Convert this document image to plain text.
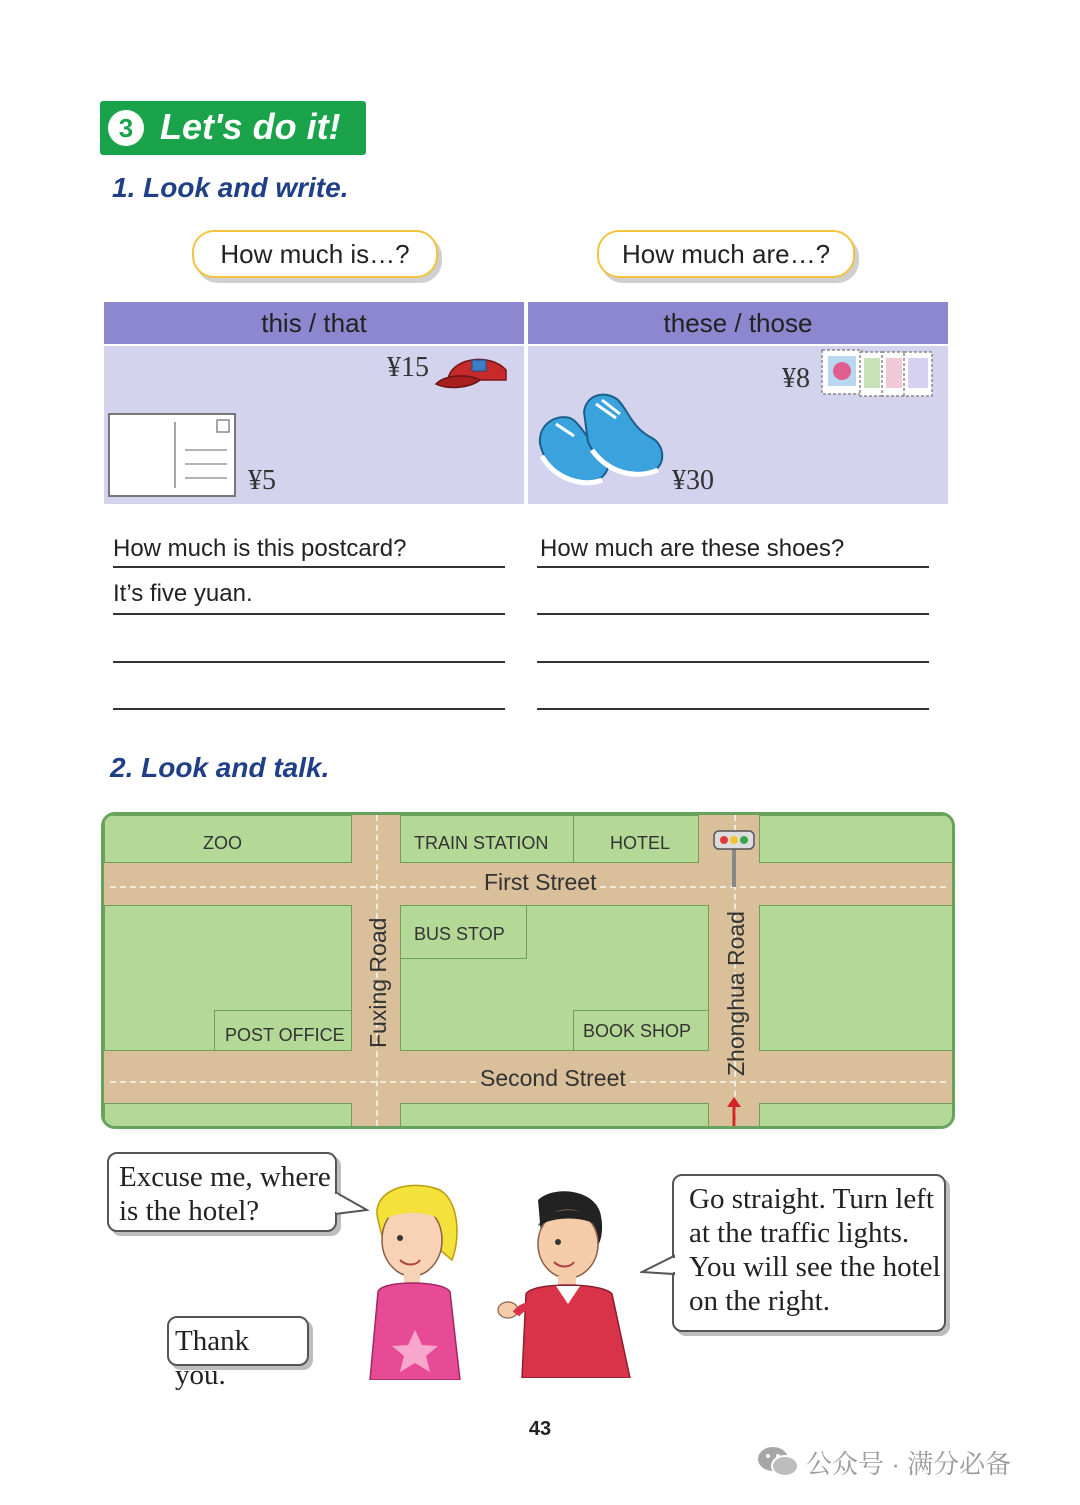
3 Let's do it!
1. Look and write.
How much is…?	How much are…?
this / that	these / those
¥15
¥5
¥8
¥30
How much is this postcard?
It’s five yuan.
How much are these shoes?
2. Look and talk.
ZOO	TRAIN STATION	HOTEL
BUS STOP
POST OFFICE	BOOK SHOP
First Street
Second Street
Fuxing Road	Zhonghua Road
Excuse me, where
is the hotel?
Thank you.
Go straight. Turn left
at the traffic lights.
You will see the hotel
on the right.
43
公众号 · 满分必备
